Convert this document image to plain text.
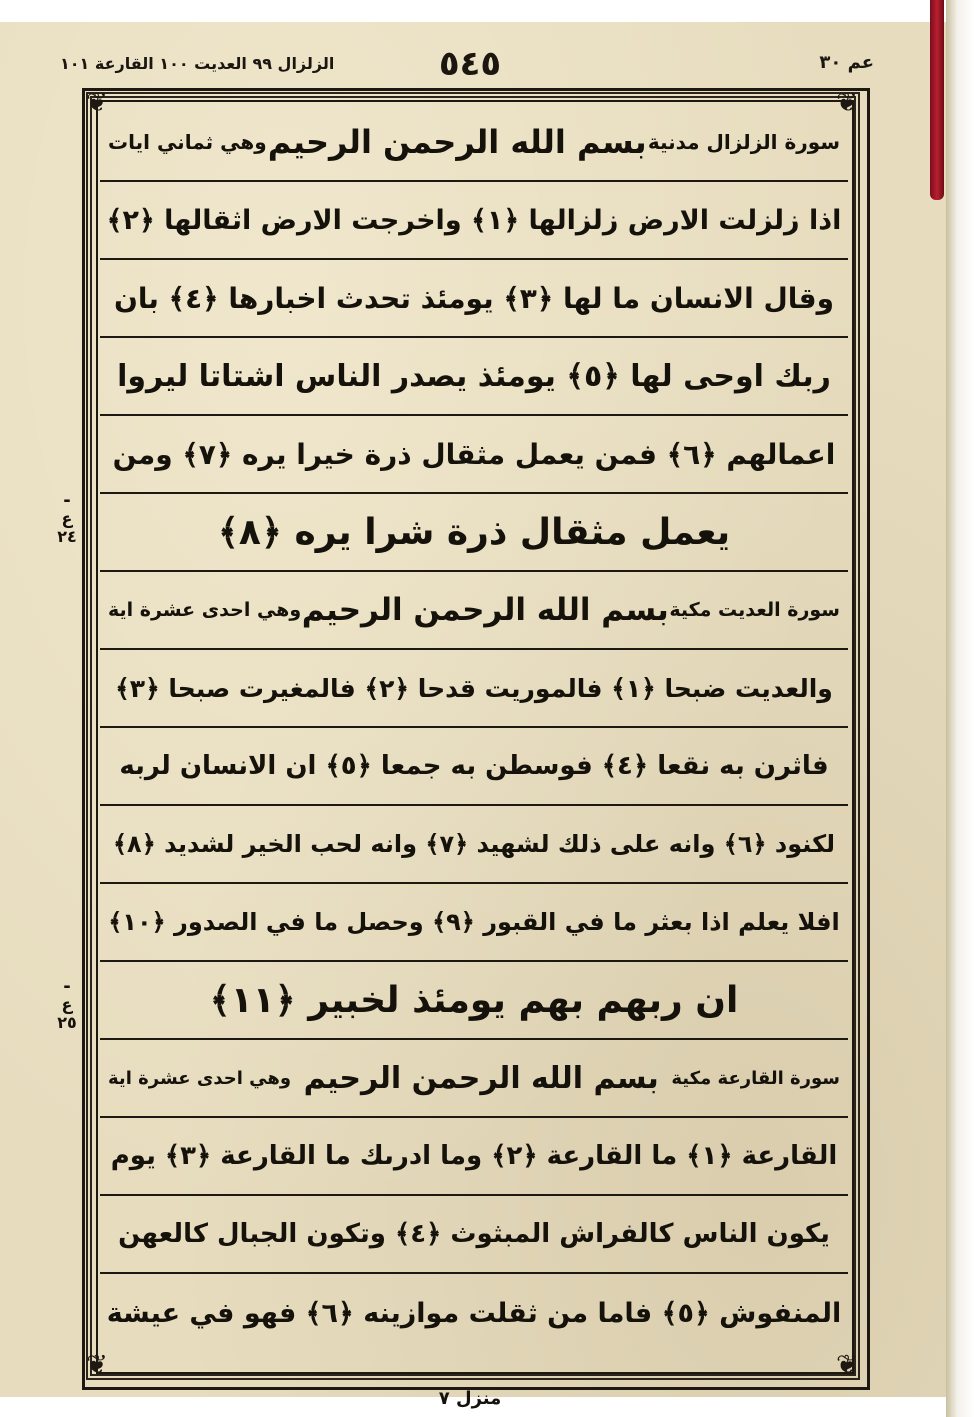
عم ٣٠
٥٤٥
الزلزال ٩٩ العديت ١٠٠ القارعة ١٠١
❦	❦
❦	❦
سورة الزلزال مدنية
بسم الله الرحمن الرحيم
وهي ثماني ايات
اذا زلزلت الارض زلزالها ﴿١﴾ واخرجت الارض اثقالها ﴿٢﴾
وقال الانسان ما لها ﴿٣﴾ يومئذ تحدث اخبارها ﴿٤﴾ بان
ربك اوحى لها ﴿٥﴾ يومئذ يصدر الناس اشتاتا ليروا
اعمالهم ﴿٦﴾ فمن يعمل مثقال ذرة خيرا يره ﴿٧﴾ ومن
يعمل مثقال ذرة شرا يره ﴿٨﴾
سورة العديت مكية
بسم الله الرحمن الرحيم
وهي احدى عشرة اية
والعديت ضبحا ﴿١﴾ فالموريت قدحا ﴿٢﴾ فالمغيرت صبحا ﴿٣﴾
فاثرن به نقعا ﴿٤﴾ فوسطن به جمعا ﴿٥﴾ ان الانسان لربه
لكنود ﴿٦﴾ وانه على ذلك لشهيد ﴿٧﴾ وانه لحب الخير لشديد ﴿٨﴾
افلا يعلم اذا بعثر ما في القبور ﴿٩﴾ وحصل ما في الصدور ﴿١٠﴾
ان ربهم بهم يومئذ لخبير ﴿١١﴾
سورة القارعة مكية
بسم الله الرحمن الرحيم
وهي احدى عشرة اية
القارعة ﴿١﴾ ما القارعة ﴿٢﴾ وما ادرىك ما القارعة ﴿٣﴾ يوم
يكون الناس كالفراش المبثوث ﴿٤﴾ وتكون الجبال كالعهن
المنفوش ﴿٥﴾ فاما من ثقلت موازينه ﴿٦﴾ فهو في عيشة
-
ع ٢٤
-
ع ٢٥
منزل ٧
